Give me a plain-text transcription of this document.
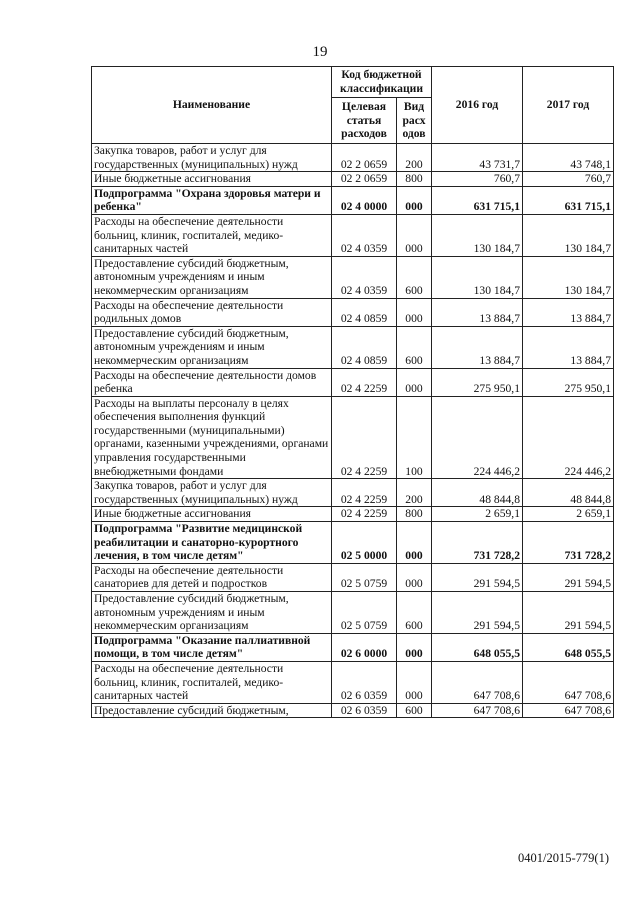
19
Наименование	Код бюджетной классификации		2016 год	2017 год
	Целевая статья расходов	Вид расх одов		
Закупка товаров, работ и услуг для государственных (муниципальных) нужд	02 2 0659	200	43 731,7	43 748,1
Иные бюджетные ассигнования	02 2 0659	800	760,7	760,7
Подпрограмма "Охрана здоровья матери и ребенка"	02 4 0000	000	631 715,1	631 715,1
Расходы на обеспечение деятельности больниц, клиник, госпиталей, медико-санитарных частей	02 4 0359	000	130 184,7	130 184,7
Предоставление субсидий бюджетным, автономным учреждениям и иным некоммерческим организациям	02 4 0359	600	130 184,7	130 184,7
Расходы на обеспечение деятельности родильных домов	02 4 0859	000	13 884,7	13 884,7
Предоставление субсидий бюджетным, автономным учреждениям и иным некоммерческим организациям	02 4 0859	600	13 884,7	13 884,7
Расходы на обеспечение деятельности домов ребенка	02 4 2259	000	275 950,1	275 950,1
Расходы на выплаты персоналу в целях обеспечения выполнения функций государственными (муниципальными) органами, казенными учреждениями, органами управления государственными внебюджетными фондами	02 4 2259	100	224 446,2	224 446,2
Закупка товаров, работ и услуг для государственных (муниципальных) нужд	02 4 2259	200	48 844,8	48 844,8
Иные бюджетные ассигнования	02 4 2259	800	2 659,1	2 659,1
Подпрограмма "Развитие медицинской реабилитации и санаторно-курортного лечения, в том числе детям"	02 5 0000	000	731 728,2	731 728,2
Расходы на обеспечение деятельности санаториев для детей и подростков	02 5 0759	000	291 594,5	291 594,5
Предоставление субсидий бюджетным, автономным учреждениям и иным некоммерческим организациям	02 5 0759	600	291 594,5	291 594,5
Подпрограмма "Оказание паллиативной помощи, в том числе детям"	02 6 0000	000	648 055,5	648 055,5
Расходы на обеспечение деятельности больниц, клиник, госпиталей, медико-санитарных частей	02 6 0359	000	647 708,6	647 708,6
Предоставление субсидий бюджетным,	02 6 0359	600	647 708,6	647 708,6
0401/2015-779(1)
